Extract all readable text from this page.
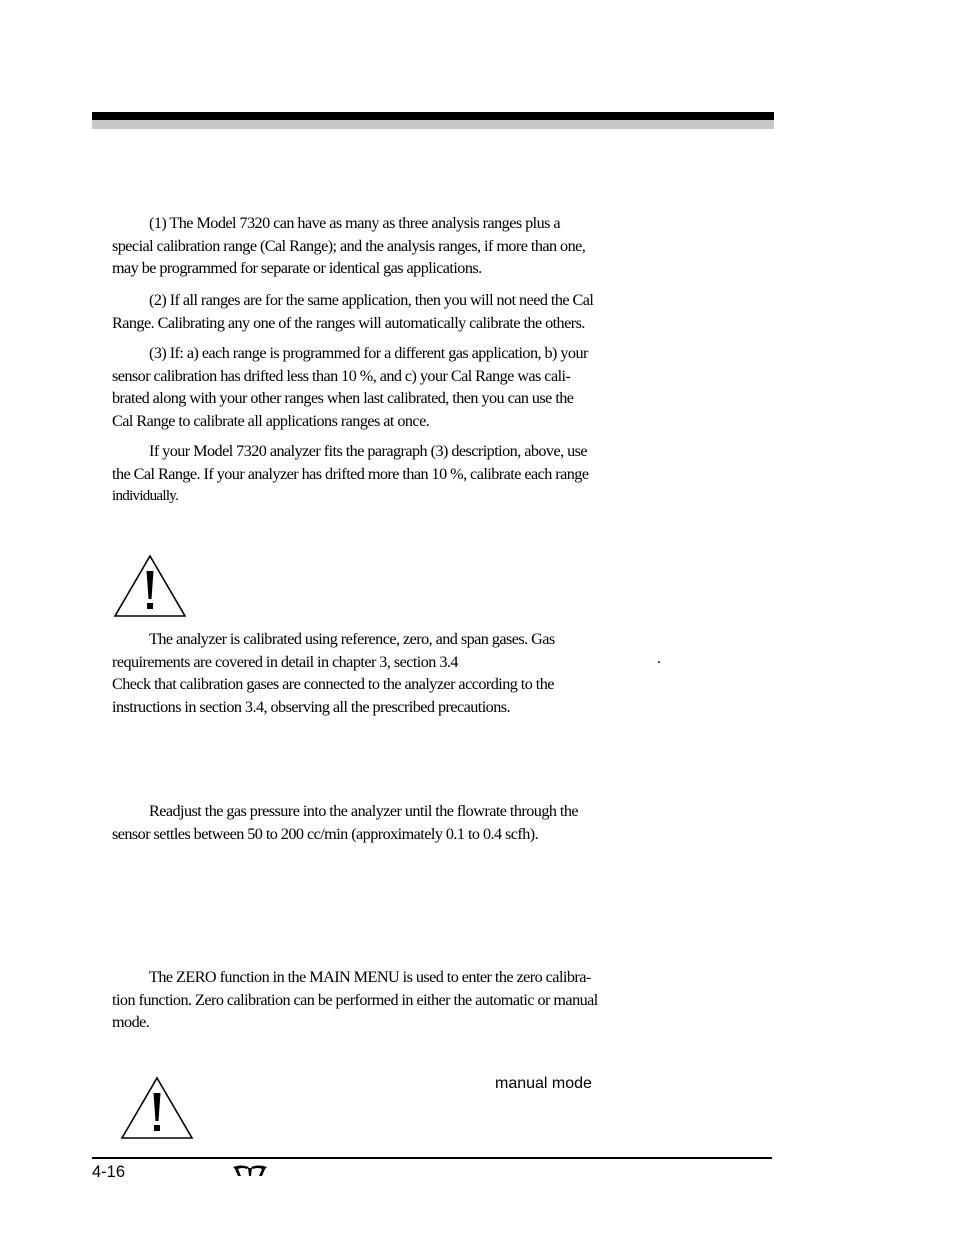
(1) The Model 7320 can have as many as three analysis ranges plus a
special calibration range (Cal Range); and the analysis ranges, if more than one,
may be programmed for separate or identical gas applications.
(2) If all ranges are for the same application, then you will not need the Cal
Range. Calibrating any one of the ranges will automatically calibrate the others.
(3) If: a) each range is programmed for a different gas application, b) your
sensor calibration has drifted less than 10 %, and c) your Cal Range was cali-
brated along with your other ranges when last calibrated, then you can use the
Cal Range to calibrate all applications ranges at once.
If your Model 7320 analyzer fits the paragraph (3) description, above, use
the Cal Range. If your analyzer has drifted more than 10 %, calibrate each range
individually.
The analyzer is calibrated using reference, zero, and span gases. Gas
requirements are covered in detail in chapter 3, section 3.4
Check that calibration gases are connected to the analyzer according to the
instructions in section 3.4, observing all the prescribed precautions.
.
Readjust the gas pressure into the analyzer until the flowrate through the
sensor settles between 50 to 200 cc/min (approximately 0.1 to 0.4 scfh).
The ZERO function in the MAIN MENU is used to enter the zero calibra-
tion function. Zero calibration can be performed in either the automatic or manual
mode.
manual mode
4-16
